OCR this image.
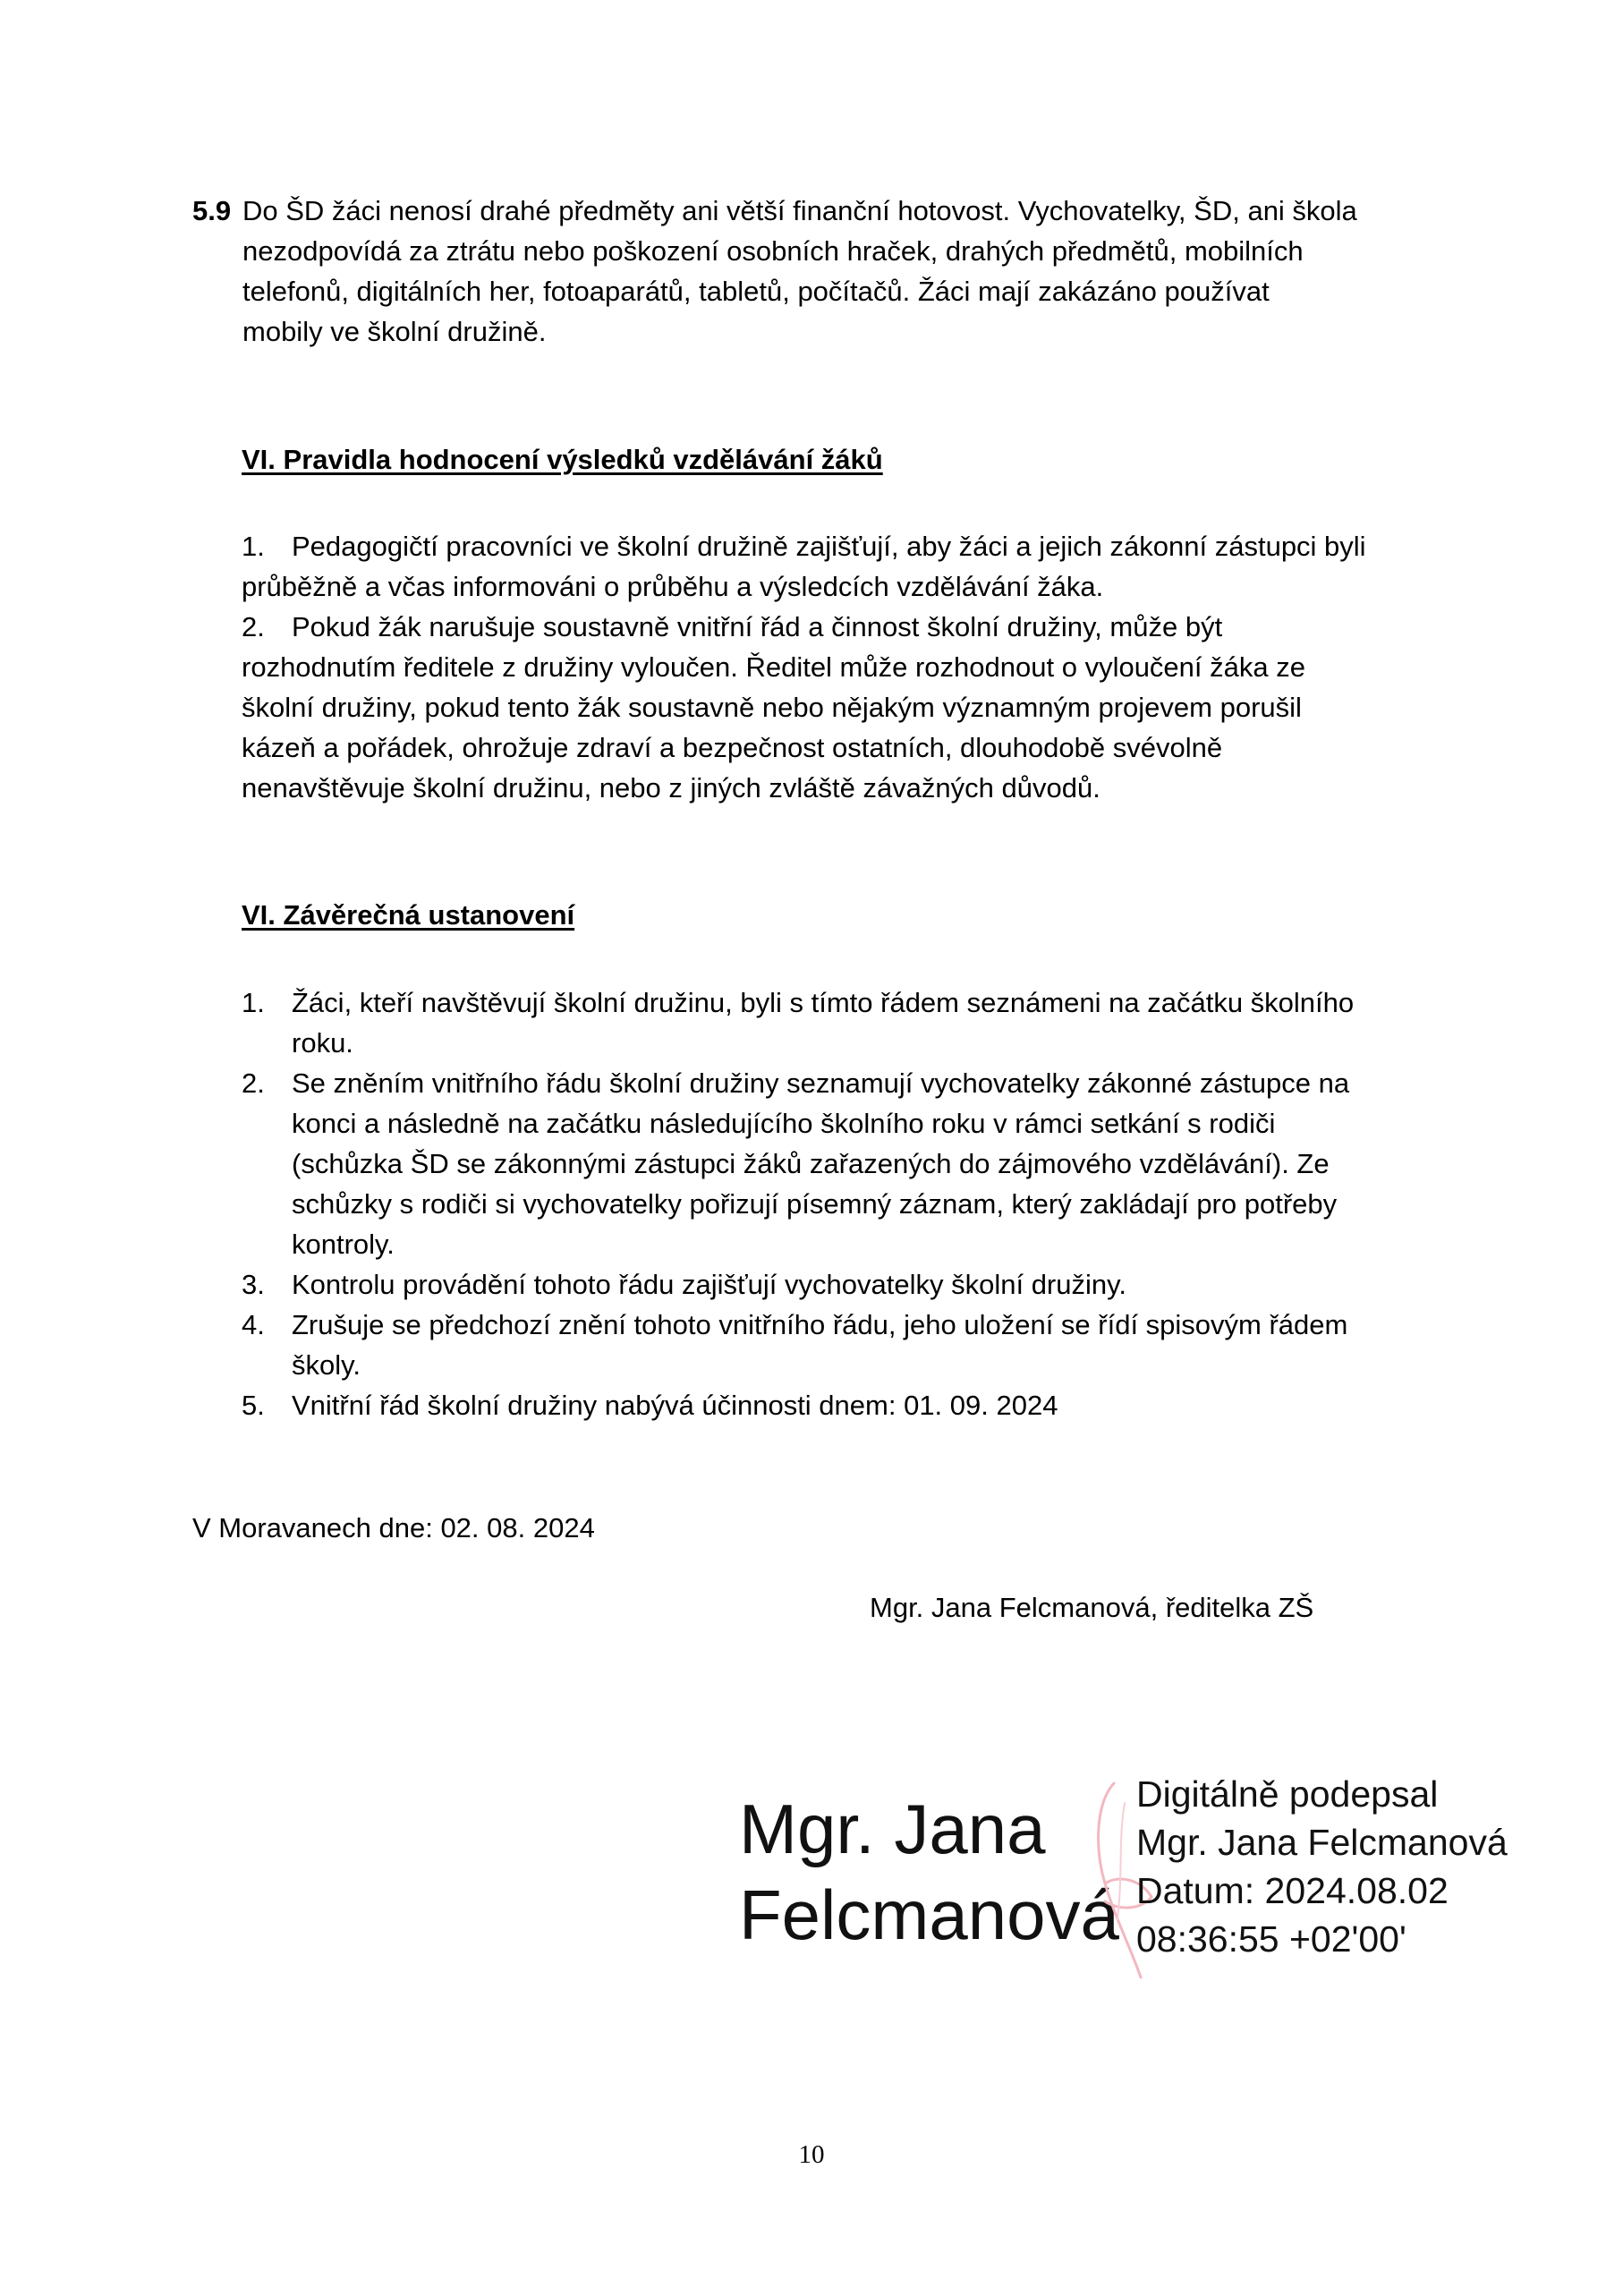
5.9 Do ŠD žáci nenosí drahé předměty ani větší finanční hotovost. Vychovatelky, ŠD, ani škola
nezodpovídá za ztrátu nebo poškození osobních hraček, drahých předmětů, mobilních
telefonů, digitálních her, fotoaparátů, tabletů, počítačů. Žáci mají zakázáno používat
mobily ve školní družině.
VI. Pravidla hodnocení výsledků vzdělávání žáků
1. Pedagogičtí pracovníci ve školní družině zajišťují, aby žáci a jejich zákonní zástupci byli
průběžně a včas informováni o průběhu a výsledcích vzdělávání žáka.
2. Pokud žák narušuje soustavně vnitřní řád a činnost školní družiny, může být
rozhodnutím ředitele z družiny vyloučen. Ředitel může rozhodnout o vyloučení žáka ze
školní družiny, pokud tento žák soustavně nebo nějakým významným projevem porušil
kázeň a pořádek, ohrožuje zdraví a bezpečnost ostatních, dlouhodobě svévolně
nenavštěvuje školní družinu, nebo z jiných zvláště závažných důvodů.
VI. Závěrečná ustanovení
1. Žáci, kteří navštěvují školní družinu, byli s tímto řádem seznámeni na začátku školního
roku.
2. Se zněním vnitřního řádu školní družiny seznamují vychovatelky zákonné zástupce na
konci a následně na začátku následujícího školního roku v rámci setkání s rodiči
(schůzka ŠD se zákonnými zástupci žáků zařazených do zájmového vzdělávání). Ze
schůzky s rodiči si vychovatelky pořizují písemný záznam, který zakládají pro potřeby
kontroly.
3. Kontrolu provádění tohoto řádu zajišťují vychovatelky školní družiny.
4. Zrušuje se předchozí znění tohoto vnitřního řádu, jeho uložení se řídí spisovým řádem
školy.
5. Vnitřní řád školní družiny nabývá účinnosti dnem: 01. 09. 2024
V Moravanech dne: 02. 08. 2024
Mgr. Jana Felcmanová, ředitelka ZŠ
Mgr. Jana
Felcmanová
Digitálně podepsal
Mgr. Jana Felcmanová
Datum: 2024.08.02
08:36:55 +02'00'
10
